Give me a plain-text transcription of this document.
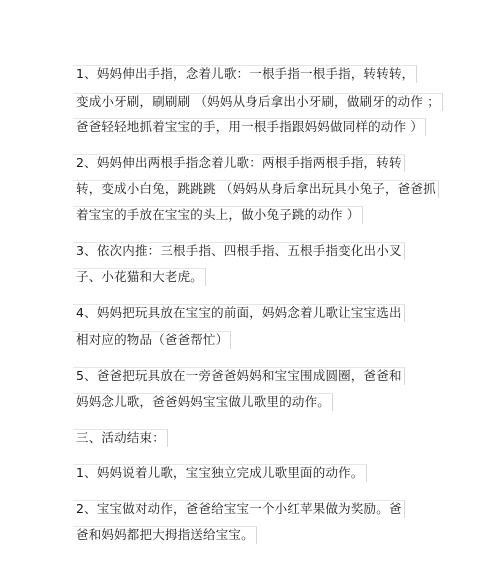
1、妈妈伸出手指，念着儿歌：一根手指一根手指，转转转，
变成小牙刷，刷刷刷 （妈妈从身后拿出小牙刷，做刷牙的动作 ；
爸爸轻轻地抓着宝宝的手，用一根手指跟妈妈做同样的动作 ）
2、妈妈伸出两根手指念着儿歌：两根手指两根手指，转转
转，变成小白兔，跳跳跳 （妈妈从身后拿出玩具小兔子，爸爸抓
着宝宝的手放在宝宝的头上，做小兔子跳的动作 ）
3、依次内推：三根手指、四根手指、五根手指变化出小叉
子、小花猫和大老虎。
4、妈妈把玩具放在宝宝的前面，妈妈念着儿歌让宝宝选出
相对应的物品（爸爸帮忙）
5、爸爸把玩具放在一旁爸爸妈妈和宝宝围成圆圈，爸爸和
妈妈念儿歌，爸爸妈妈宝宝做儿歌里的动作。
三、活动结束：
1、妈妈说着儿歌，宝宝独立完成儿歌里面的动作。
2、宝宝做对动作，爸爸给宝宝一个小红苹果做为奖励。爸
爸和妈妈都把大拇指送给宝宝。
